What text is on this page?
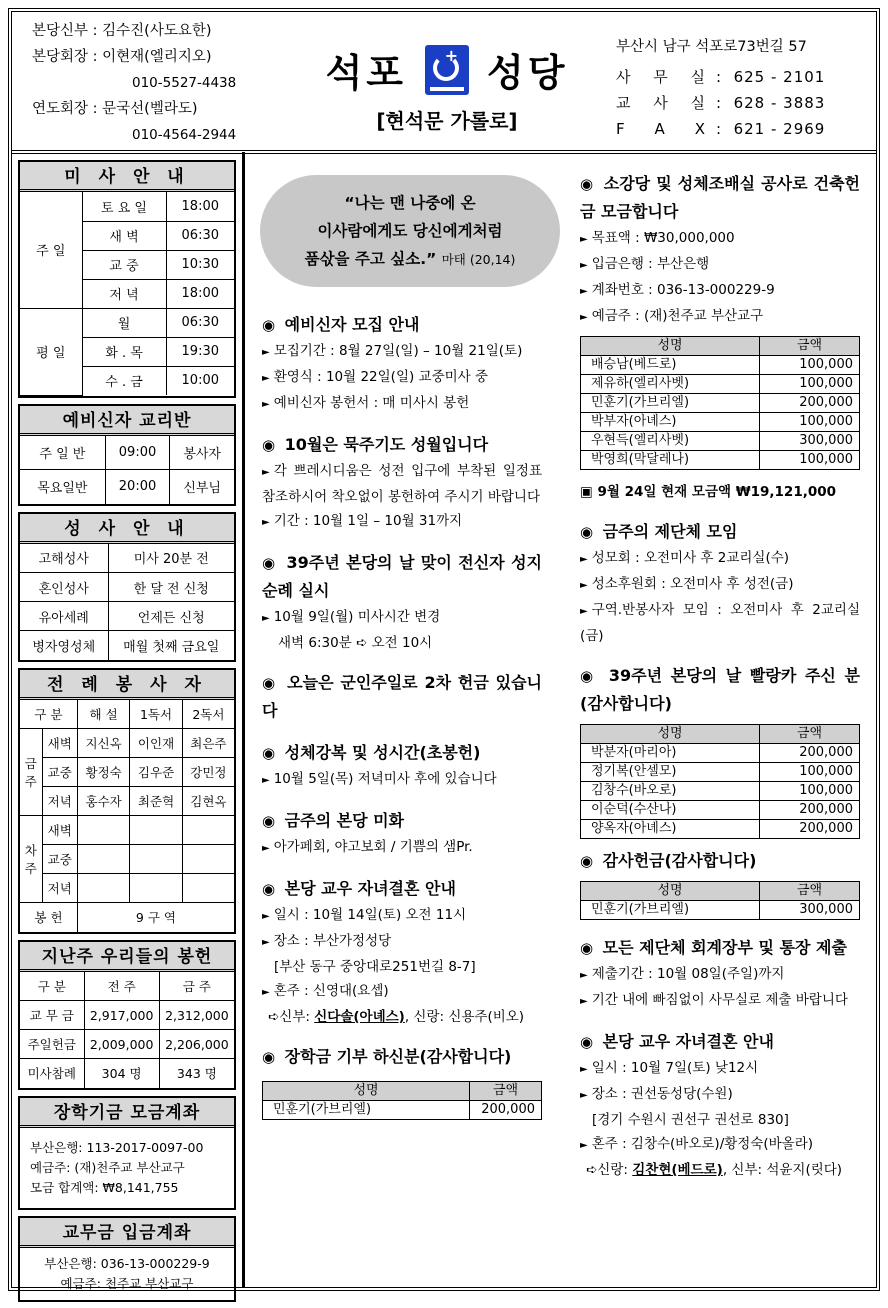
본당신부 : 김수진(사도요한)
본당회장 : 이현재(엘리지오)
010-5527-4438
연도회장 : 문국선(벨라도)
010-4564-2944
석포 + 성당
[현석문 가롤로]
부산시 남구 석포로73번길 57
사 무 실 : 625 - 2101
교 사 실 : 628 - 3883
F A X : 621 - 2969
미 사 안 내
주 일	토 요 일	18:00
	새 벽	06:30
	교 중	10:30
	저 녁	18:00
평 일	월	06:30
	화 . 목	19:30
	수 . 금	10:00
예비신자 교리반
주 일 반	09:00	봉사자
목요일반	20:00	신부님
성 사 안 내
고해성사	미사 20분 전
혼인성사	한 달 전 신청
유아세례	언제든 신청
병자영성체	매월 첫째 금요일
전 례 봉 사 자
구 분		해 설	1독서	2독서
금주	새벽	지신옥	이인재	최은주
	교중	황정숙	김우준	강민정
	저녁	홍수자	최준혁	김현옥
차주	새벽			
	교중			
	저녁			
봉 헌		9 구 역		
지난주 우리들의 봉헌
구 분	전 주	금 주
교 무 금	2,917,000	2,312,000
주일헌금	2,009,000	2,206,000
미사참례	304 명	343 명
장학기금 모금계좌
부산은행: 113-2017-0097-00
예금주: (재)천주교 부산교구
모금 합계액: ₩8,141,755
교무금 입금계좌
부산은행: 036-13-000229-9
예금주: 천주교 부산교구
“나는 맨 나중에 온
이사람에게도 당신에게처럼
품삯을 주고 싶소.” 마태 (20,14)
◉ 예비신자 모집 안내
► 모집기간 : 8월 27일(일) – 10월 21일(토)
► 환영식 : 10월 22일(일) 교중미사 중
► 예비신자 봉헌서 : 매 미사시 봉헌
◉ 10월은 묵주기도 성월입니다
► 각 쁘레시디움은 성전 입구에 부착된 일정표 참조하시어 착오없이 봉헌하여 주시기 바랍니다
► 기간 : 10월 1일 – 10월 31까지
◉ 39주년 본당의 날 맞이 전신자 성지순례 실시
► 10월 9일(월) 미사시간 변경
새벽 6:30분 ➪ 오전 10시
◉ 오늘은 군인주일로 2차 헌금 있습니다
◉ 성체강복 및 성시간(초봉헌)
► 10월 5일(목) 저녁미사 후에 있습니다
◉ 금주의 본당 미화
► 아가페회, 야고보회 / 기쁨의 샘Pr.
◉ 본당 교우 자녀결혼 안내
► 일시 : 10월 14일(토) 오전 11시
► 장소 : 부산가정성당
[부산 동구 중앙대로251번길 8-7]
► 혼주 : 신영대(요셉)
➪신부: 신다솔(아녜스), 신랑: 신용주(비오)
◉ 장학금 기부 하신분(감사합니다)
성명	금액
민훈기(가브리엘)	200,000
◉ 소강당 및 성체조배실 공사로 건축헌금 모금합니다
► 목표액 : ₩30,000,000
► 입금은행 : 부산은행
► 계좌번호 : 036-13-000229-9
► 예금주 : (재)천주교 부산교구
성명	금액
배승남(베드로)	100,000
제유하(엘리사벳)	100,000
민훈기(가브리엘)	200,000
박부자(아녜스)	100,000
우현득(엘리사벳)	300,000
박영희(막달레나)	100,000
▣ 9월 24일 현재 모금액 ₩19,121,000
◉ 금주의 제단체 모임
► 성모회 : 오전미사 후 2교리실(수)
► 성소후원회 : 오전미사 후 성전(금)
► 구역.반봉사자 모임 : 오전미사 후 2교리실(금)
◉ 39주년 본당의 날 빨랑카 주신 분(감사합니다)
성명	금액
박분자(마리아)	200,000
정기복(안셀모)	100,000
김창수(바오로)	100,000
이순덕(수산나)	200,000
양옥자(아녜스)	200,000
◉ 감사헌금(감사합니다)
성명	금액
민훈기(가브리엘)	300,000
◉ 모든 제단체 회계장부 및 통장 제출
► 제출기간 : 10월 08일(주일)까지
► 기간 내에 빠짐없이 사무실로 제출 바랍니다
◉ 본당 교우 자녀결혼 안내
► 일시 : 10월 7일(토) 낮12시
► 장소 : 권선동성당(수원)
[경기 수원시 권선구 권선로 830]
► 혼주 : 김창수(바오로)/황정숙(바올라)
➪신랑: 김찬현(베드로), 신부: 석윤지(릿다)
